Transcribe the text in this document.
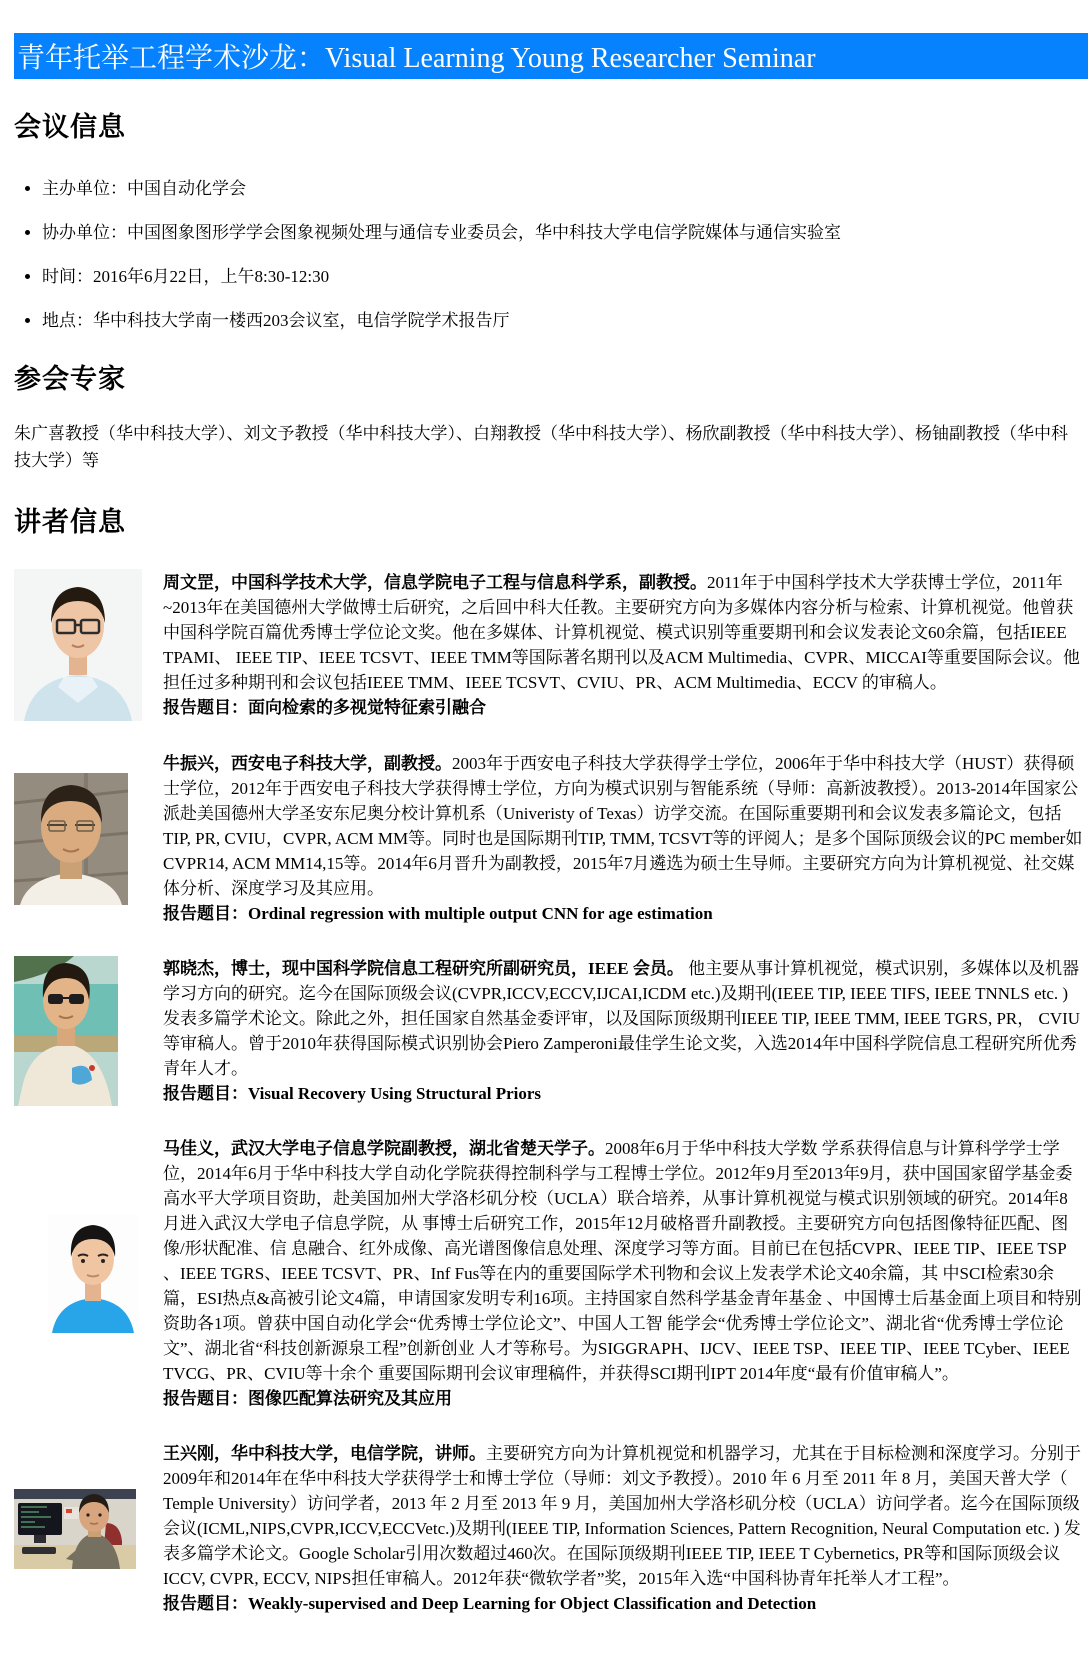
青年托举工程学术沙龙：Visual Learning Young Researcher Seminar
会议信息
• 主办单位：中国自动化学会
• 协办单位：中国图象图形学学会图象视频处理与通信专业委员会，华中科技大学电信学院媒体与通信实验室
• 时间：2016年6月22日，上午8:30-12:30
• 地点：华中科技大学南一楼西203会议室，电信学院学术报告厅
参会专家

朱广喜教授（华中科技大学）、刘文予教授（华中科技大学）、白翔教授（华中科技大学）、杨欣副教授（华中科技大学）、杨铀副教授（华中科技大学）等

讲者信息

周文罡，中国科学技术大学，信息学院电子工程与信息科学系，副教授。2011年于中国科学技术大学获博士学位，2011年~2013年在美国德州大学做博士后研究，之后回中科大任教。主要研究方向为多媒体内容分析与检索、计算机视觉。他曾获中国科学院百篇优秀博士学位论文奖。他在多媒体、计算机视觉、模式识别等重要期刊和会议发表论文60余篇，包括IEEE TPAMI、 IEEE TIP、IEEE TCSVT、IEEE TMM等国际著名期刊以及ACM Multimedia、CVPR、MICCAI等重要国际会议。他担任过多种期刊和会议包括IEEE TMM、IEEE TCSVT、CVIU、PR、ACM Multimedia、ECCV 的审稿人。

报告题目：面向检索的多视觉特征索引融合

牛振兴，西安电子科技大学，副教授。2003年于西安电子科技大学获得学士学位，2006年于华中科技大学（HUST）获得硕士学位，2012年于西安电子科技大学获得博士学位，方向为模式识别与智能系统（导师：高新波教授）。2013-2014年国家公派赴美国德州大学圣安东尼奥分校计算机系（Univeristy of Texas）访学交流。在国际重要期刊和会议发表多篇论文，包括TIP, PR, CVIU，CVPR, ACM MM等。同时也是国际期刊TIP, TMM, TCSVT等的评阅人；是多个国际顶级会议的PC member如CVPR14, ACM MM14,15等。2014年6月晋升为副教授，2015年7月遴选为硕士生导师。主要研究方向为计算机视觉、社交媒体分析、深度学习及其应用。

报告题目：Ordinal regression with multiple output CNN for age estimation

郭晓杰，博士，现中国科学院信息工程研究所副研究员，IEEE 会员。 他主要从事计算机视觉，模式识别，多媒体以及机器学习方向的研究。迄今在国际顶级会议(CVPR,ICCV,ECCV,IJCAI,ICDM etc.)及期刊(IEEE TIP, IEEE TIFS, IEEE TNNLS etc. ) 发表多篇学术论文。除此之外，担任国家自然基金委评审，以及国际顶级期刊IEEE TIP, IEEE TMM, IEEE TGRS, PR， CVIU等审稿人。曾于2010年获得国际模式识别协会Piero Zamperoni最佳学生论文奖，入选2014年中国科学院信息工程研究所优秀青年人才。

报告题目：Visual Recovery Using Structural Priors

马佳义，武汉大学电子信息学院副教授，湖北省楚天学子。2008年6月于华中科技大学数 学系获得信息与计算科学学士学位，2014年6月于华中科技大学自动化学院获得控制科学与工程博士学位。2012年9月至2013年9月，获中国国家留学基金委高水平大学项目资助，赴美国加州大学洛杉矶分校（UCLA）联合培养，从事计算机视觉与模式识别领域的研究。2014年8月进入武汉大学电子信息学院，从 事博士后研究工作，2015年12月破格晋升副教授。主要研究方向包括图像特征匹配、图像/形状配准、信 息融合、红外成像、高光谱图像信息处理、深度学习等方面。目前已在包括CVPR、IEEE TIP、IEEE TSP 、IEEE TGRS、IEEE TCSVT、PR、Inf Fus等在内的重要国际学术刊物和会议上发表学术论文40余篇，其 中SCI检索30余篇，ESI热点&高被引论文4篇，申请国家发明专利16项。主持国家自然科学基金青年基金 、中国博士后基金面上项目和特别资助各1项。曾获中国自动化学会“优秀博士学位论文”、中国人工智 能学会“优秀博士学位论文”、湖北省“优秀博士学位论文”、湖北省“科技创新源泉工程”创新创业 人才等称号。为SIGGRAPH、IJCV、IEEE TSP、IEEE TIP、IEEE TCyber、IEEE TVCG、PR、CVIU等十余个 重要国际期刊会议审理稿件，并获得SCI期刊IPT 2014年度“最有价值审稿人”。

报告题目：图像匹配算法研究及其应用

王兴刚，华中科技大学，电信学院，讲师。主要研究方向为计算机视觉和机器学习，尤其在于目标检测和深度学习。分别于2009年和2014年在华中科技大学获得学士和博士学位（导师：刘文予教授）。2010 年 6 月至 2011 年 8 月，美国天普大学（ Temple University）访问学者，2013 年 2 月至 2013 年 9 月，美国加州大学洛杉矶分校（UCLA）访问学者。迄今在国际顶级会议(ICML,NIPS,CVPR,ICCV,ECCVetc.)及期刊(IEEE TIP, Information Sciences, Pattern Recognition, Neural Computation etc. ) 发表多篇学术论文。Google Scholar引用次数超过460次。在国际顶级期刊IEEE TIP, IEEE T Cybernetics, PR等和国际顶级会议ICCV, CVPR, ECCV, NIPS担任审稿人。2012年获“微软学者”奖，2015年入选“中国科协青年托举人才工程”。

报告题目：Weakly-supervised and Deep Learning for Object Classification and Detection
